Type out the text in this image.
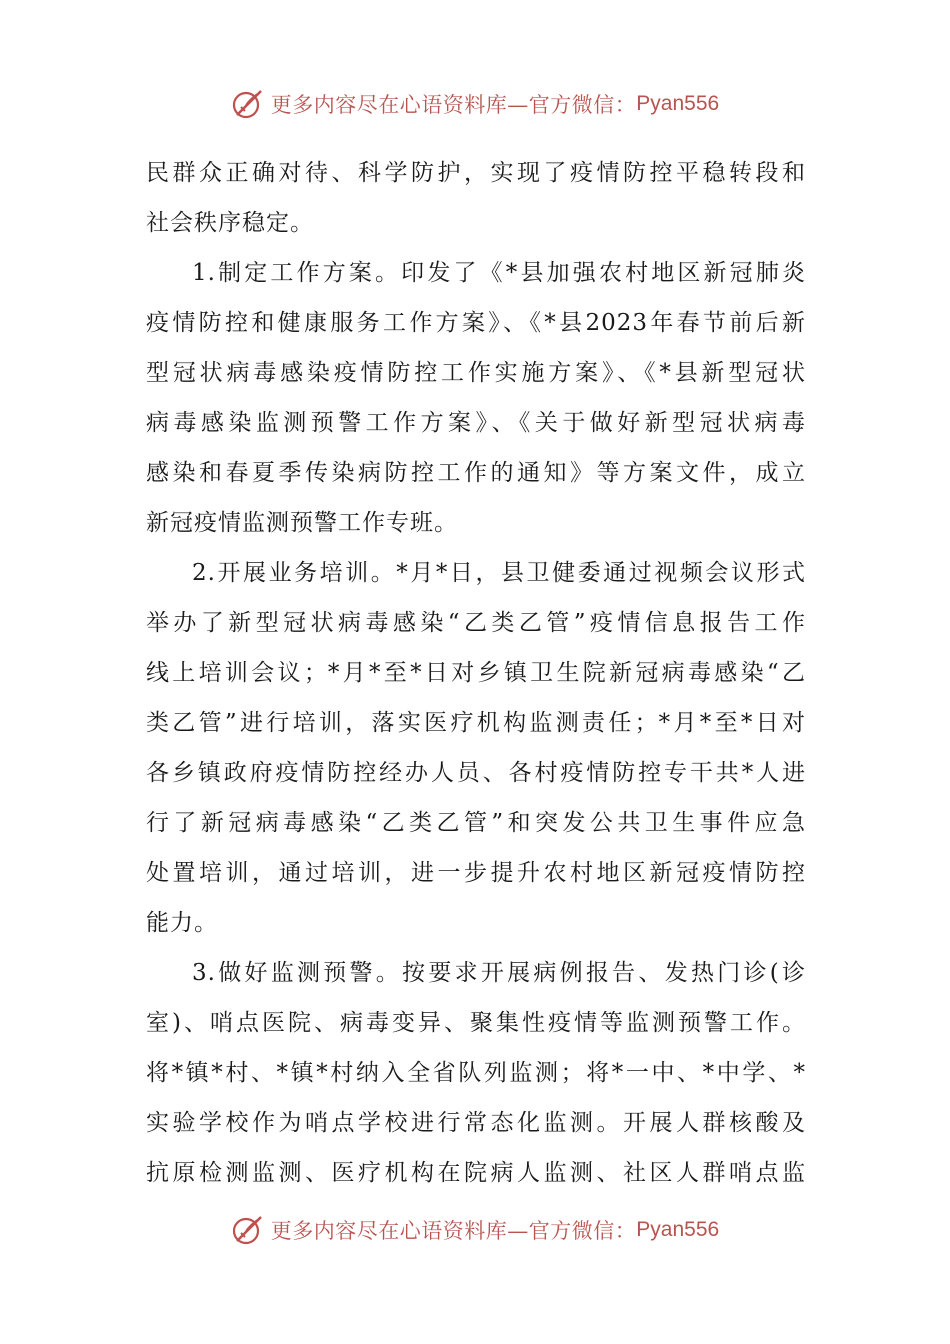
更多内容尽在心语资料库—官方微信： Pyan556
民群众正确对待、科学防护，实现了疫情防控平稳转段和
社会秩序稳定。
1.制定工作方案。印发了《*县加强农村地区新冠肺炎
疫情防控和健康服务工作方案》、《*县2023年春节前后新
型冠状病毒感染疫情防控工作实施方案》、《*县新型冠状
病毒感染监测预警工作方案》、《关于做好新型冠状病毒
感染和春夏季传染病防控工作的通知》等方案文件，成立
新冠疫情监测预警工作专班。
2.开展业务培训。*月*日，县卫健委通过视频会议形式
举办了新型冠状病毒感染“乙类乙管”疫情信息报告工作
线上培训会议；*月*至*日对乡镇卫生院新冠病毒感染“乙
类乙管”进行培训，落实医疗机构监测责任；*月*至*日对
各乡镇政府疫情防控经办人员、各村疫情防控专干共*人进
行了新冠病毒感染“乙类乙管”和突发公共卫生事件应急
处置培训，通过培训，进一步提升农村地区新冠疫情防控
能力。
3.做好监测预警。按要求开展病例报告、发热门诊(诊
室)、哨点医院、病毒变异、聚集性疫情等监测预警工作。
将*镇*村、*镇*村纳入全省队列监测；将*一中、*中学、*
实验学校作为哨点学校进行常态化监测。开展人群核酸及
抗原检测监测、医疗机构在院病人监测、社区人群哨点监
更多内容尽在心语资料库—官方微信： Pyan556
